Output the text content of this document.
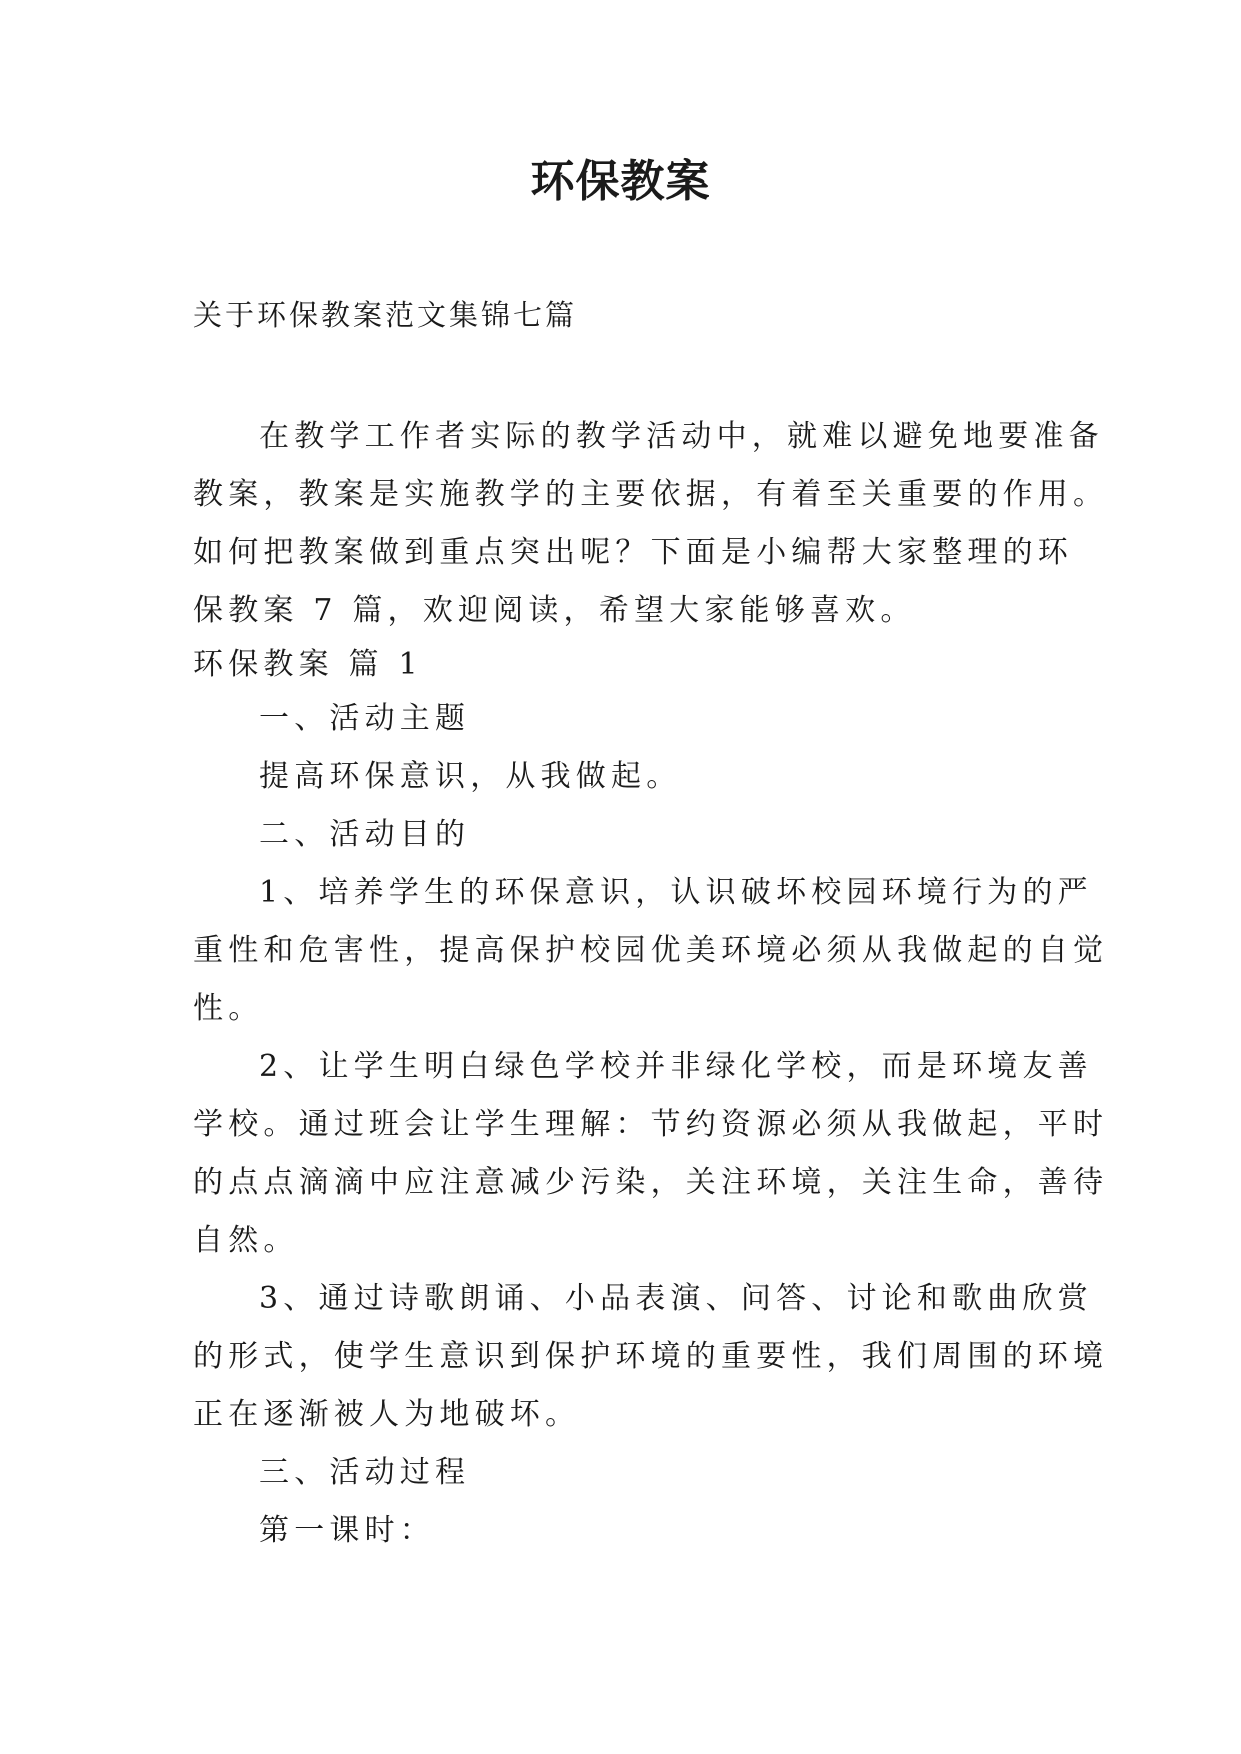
环保教案
关于环保教案范文集锦七篇

在教学工作者实际的教学活动中，就难以避免地要准备
教案，教案是实施教学的主要依据，有着至关重要的作用。
如何把教案做到重点突出呢？下面是小编帮大家整理的环
保教案 7 篇，欢迎阅读，希望大家能够喜欢。

环保教案 篇 1

一、活动主题

提高环保意识，从我做起。

二、活动目的

1、培养学生的环保意识，认识破坏校园环境行为的严
重性和危害性，提高保护校园优美环境必须从我做起的自觉
性。

2、让学生明白绿色学校并非绿化学校，而是环境友善
学校。通过班会让学生理解：节约资源必须从我做起，平时
的点点滴滴中应注意减少污染，关注环境，关注生命，善待
自然。

3、通过诗歌朗诵、小品表演、问答、讨论和歌曲欣赏
的形式，使学生意识到保护环境的重要性，我们周围的环境
正在逐渐被人为地破坏。

三、活动过程

第一课时：
